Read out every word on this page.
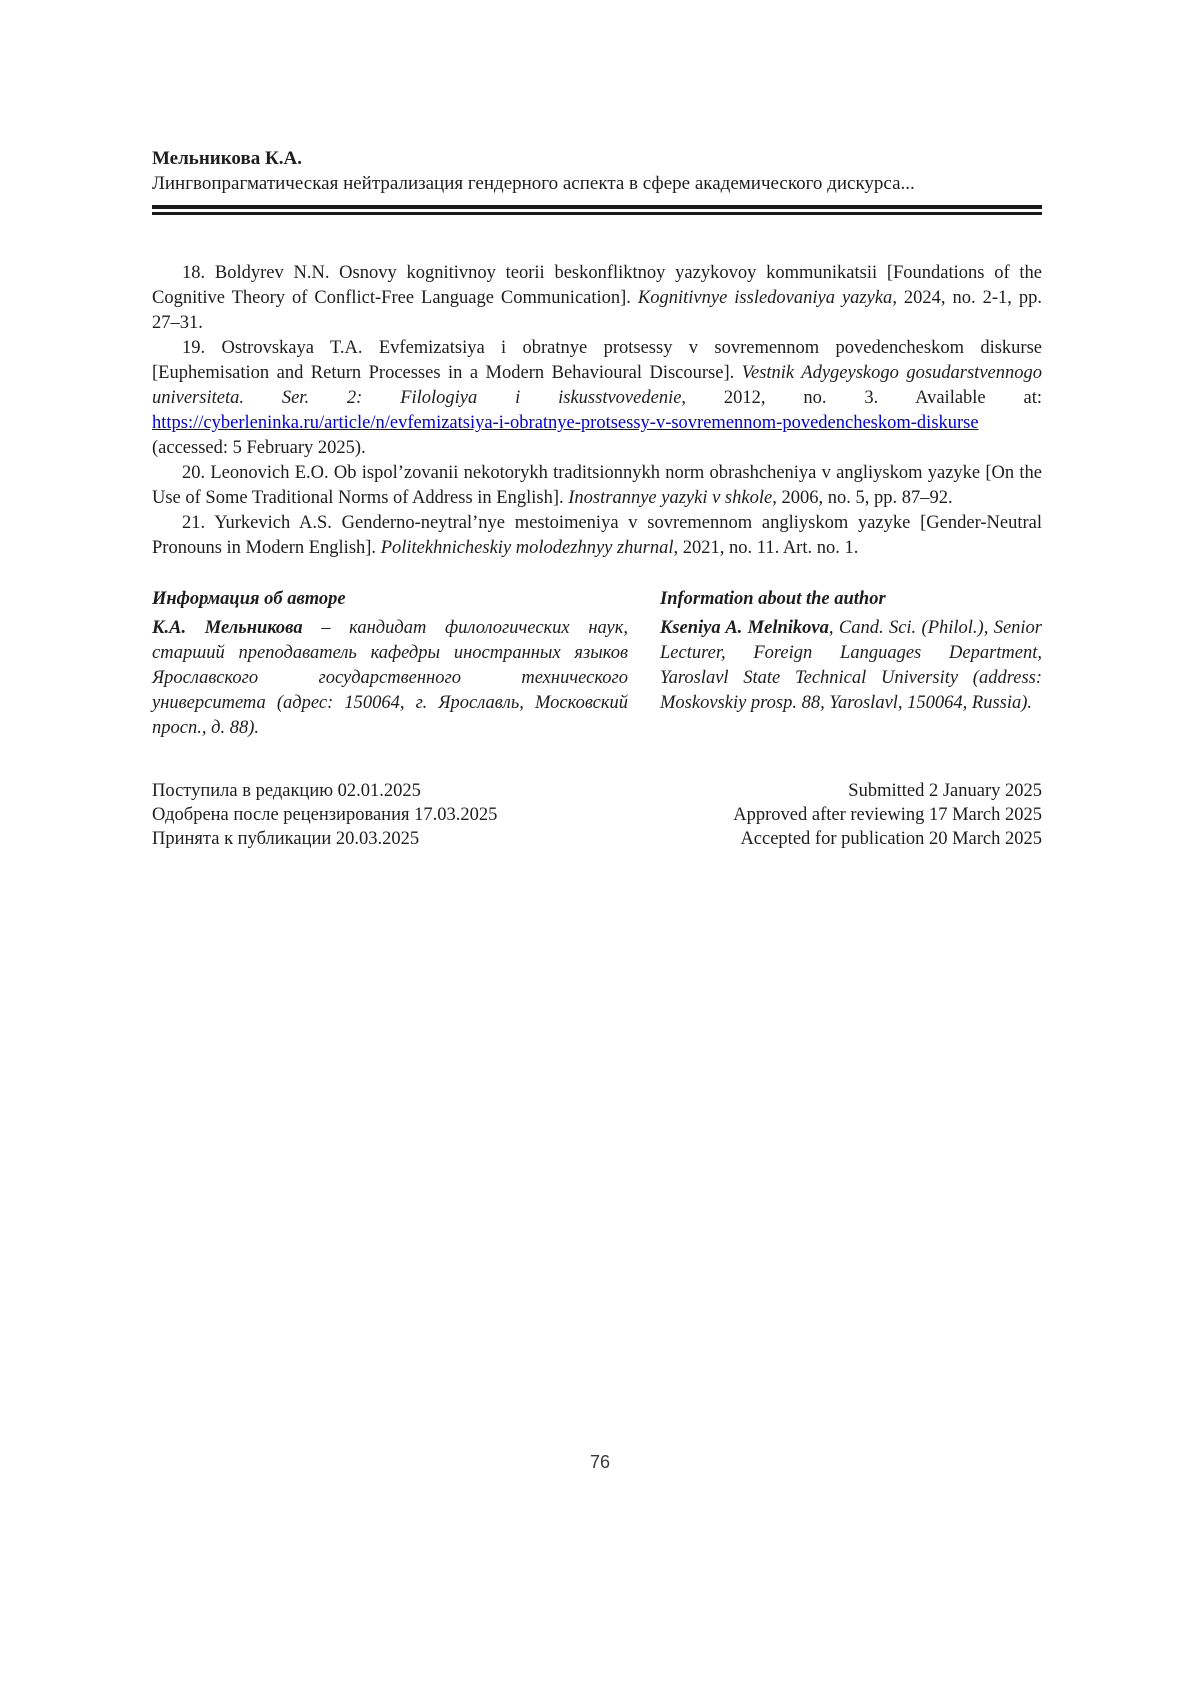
Мельникова К.А.
Лингвопрагматическая нейтрализация гендерного аспекта в сфере академического дискурса...

18. Boldyrev N.N. Osnovy kognitivnoy teorii beskonfliktnoy yazykovoy kommunikatsii [Foundations of the Cognitive Theory of Conflict-Free Language Communication]. Kognitivnye issledovaniya yazyka, 2024, no. 2-1, pp. 27–31.

19. Ostrovskaya T.A. Evfemizatsiya i obratnye protsessy v sovremennom povedencheskom diskurse [Euphemisation and Return Processes in a Modern Behavioural Discourse]. Vestnik Adygeyskogo gosudarstvennogo universiteta. Ser. 2: Filologiya i iskusstvovedenie, 2012, no. 3. Available at: https://cyberleninka.ru/article/n/evfemizatsiya-i-obratnye-protsessy-v-sovremennom-povedencheskom-diskurse (accessed: 5 February 2025).

20. Leonovich E.O. Ob ispol’zovanii nekotorykh traditsionnykh norm obrashcheniya v angliyskom yazyke [On the Use of Some Traditional Norms of Address in English]. Inostrannye yazyki v shkole, 2006, no. 5, pp. 87–92.

21. Yurkevich A.S. Genderno-neytral’nye mestoimeniya v sovremennom angliyskom yazyke [Gender-Neutral Pronouns in Modern English]. Politekhnicheskiy molodezhnyy zhurnal, 2021, no. 11. Art. no. 1.

Информация об авторе

К.А. Мельникова – кандидат филологических наук, старший преподаватель кафедры иностранных языков Ярославского государственного технического университета (адрес: 150064, г. Ярославль, Московский просп., д. 88).

Information about the author

Kseniya A. Melnikova, Cand. Sci. (Philol.), Senior Lecturer, Foreign Languages Department, Yaroslavl State Technical University (address: Moskovskiy prosp. 88, Yaroslavl, 150064, Russia).

Поступила в редакцию 02.01.2025
Одобрена после рецензирования 17.03.2025
Принята к публикации 20.03.2025
Submitted 2 January 2025
Approved after reviewing 17 March 2025
Accepted for publication 20 March 2025
76
